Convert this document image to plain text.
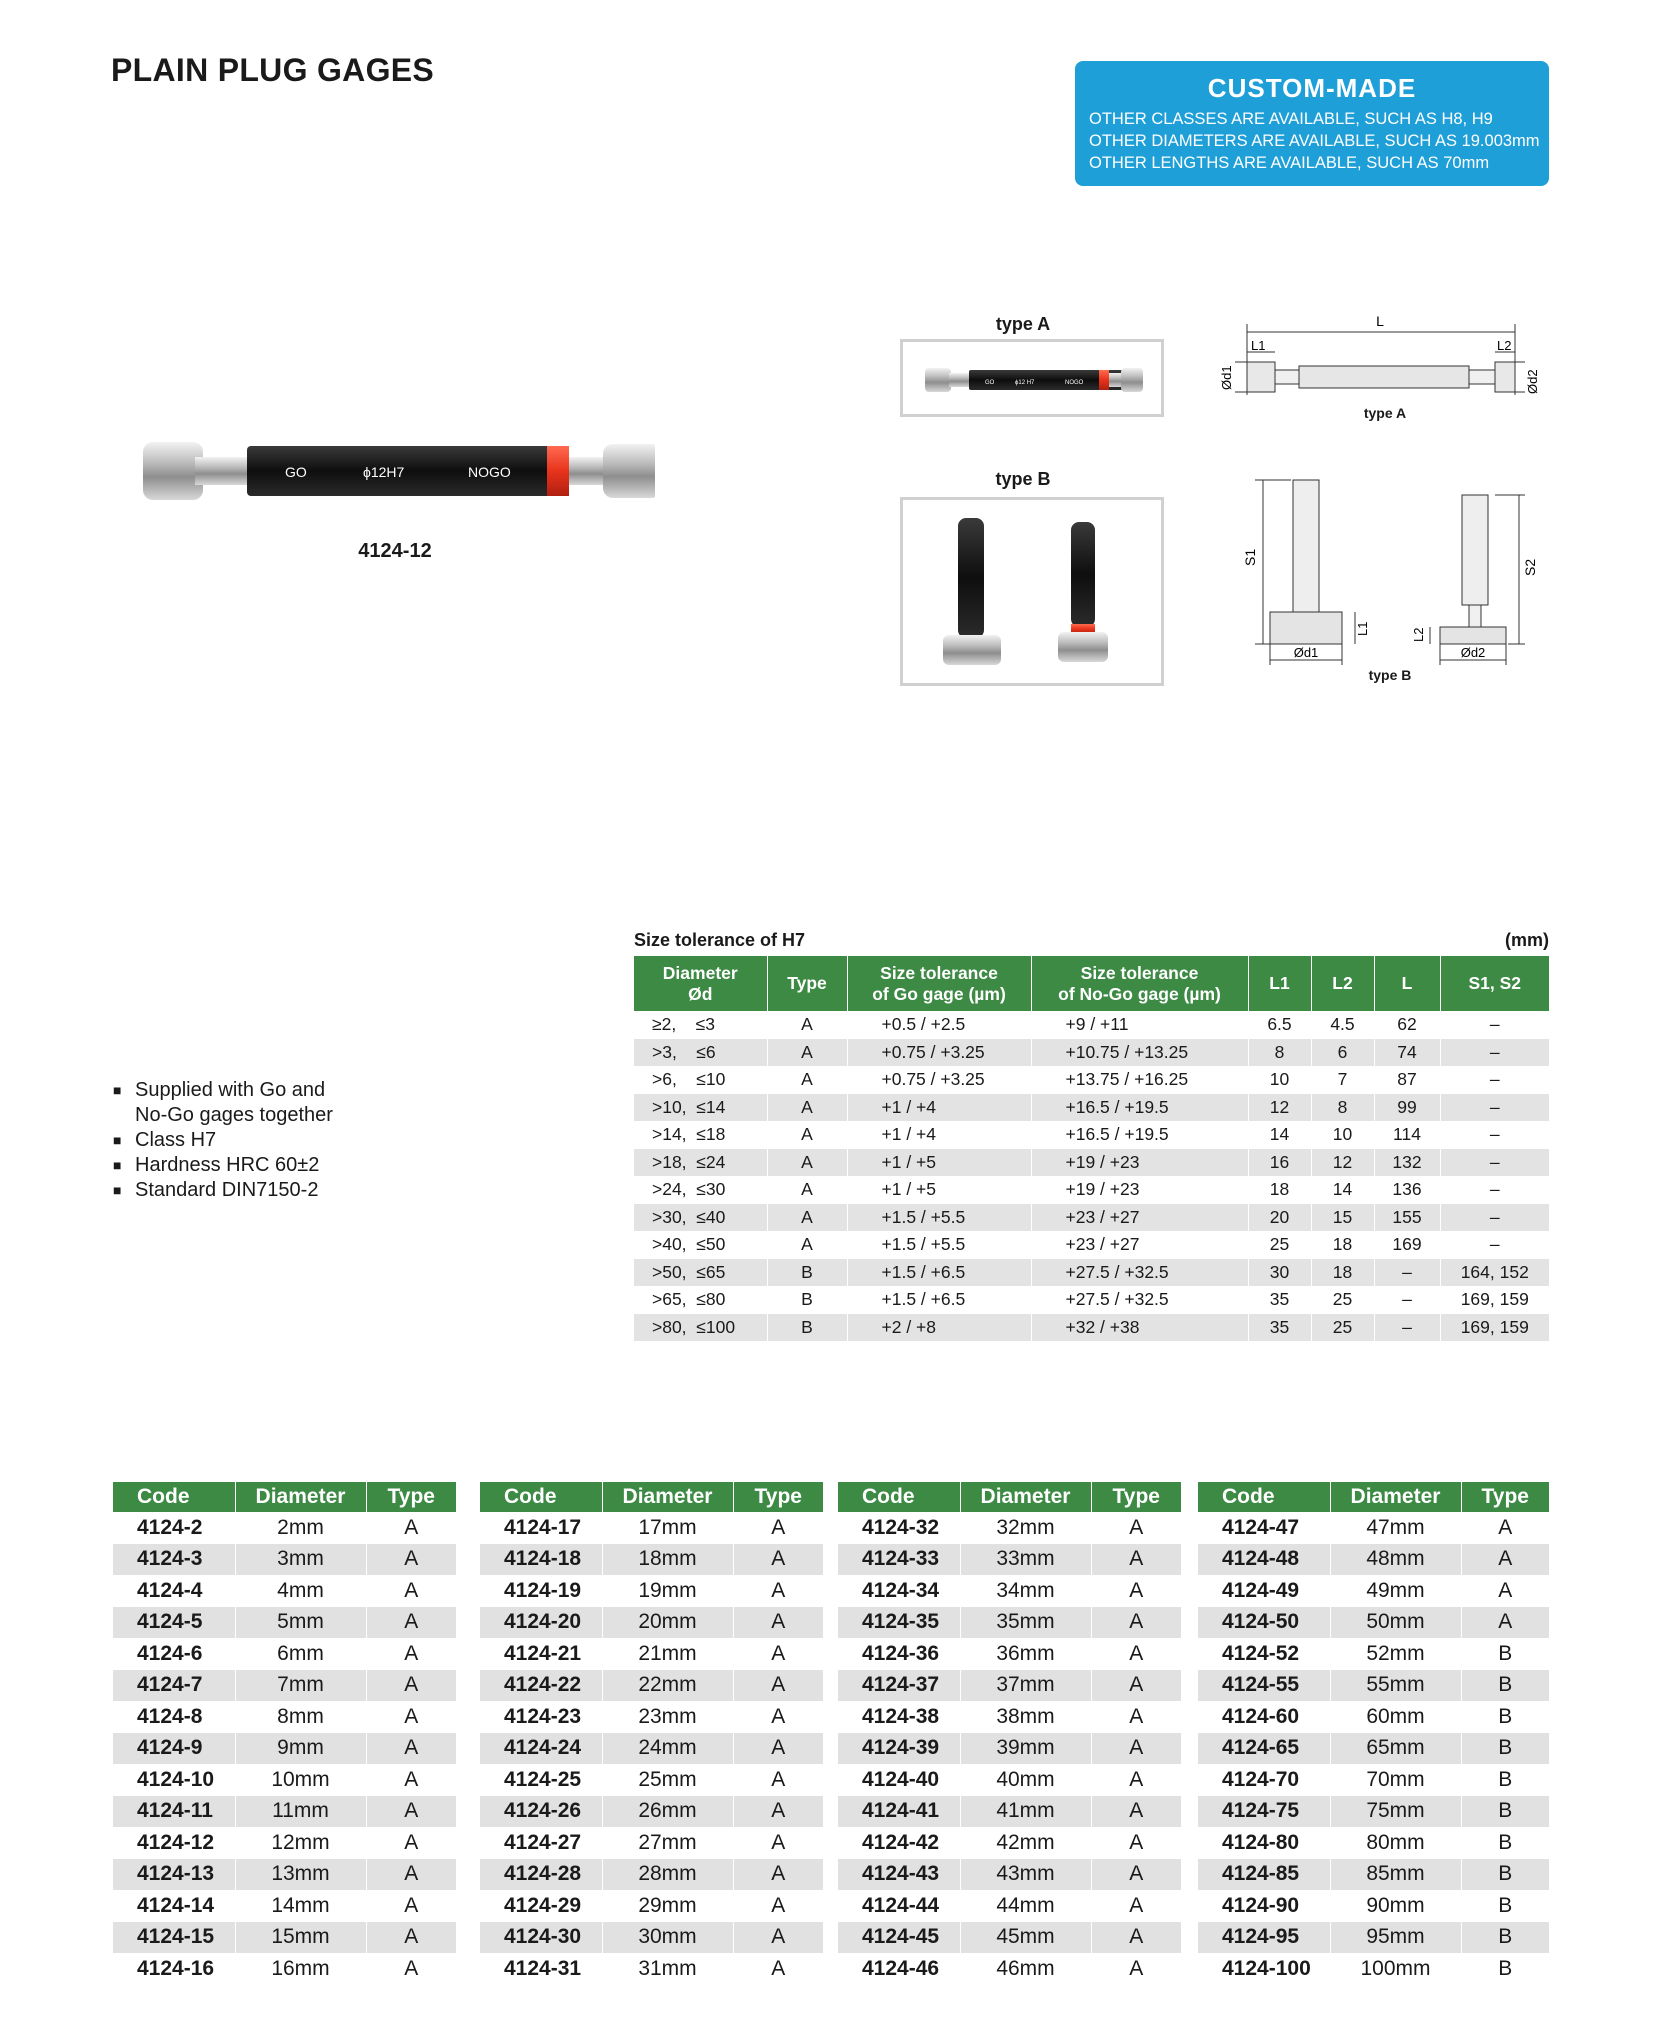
PLAIN PLUG GAGES	CUSTOM-MADE
OTHER CLASSES ARE AVAILABLE, SUCH AS H8, H9
OTHER DIAMETERS ARE AVAILABLE, SUCH AS 19.003mm
OTHER LENGTHS ARE AVAILABLE, SUCH AS 70mm
GO	ϕ12H7	NOGO
4124-12
type A
GO	ϕ12 H7	NOGO
type B
L
L1	L2
Ød1	Ød2
type A
S1
Ød1
L1
S2
Ød2
L2
type B
■ Supplied with Go and
No-Go gages together
■ Class H7
■ Hardness HRC 60±2
■ Standard DIN7150-2
Size tolerance of H7	(mm)
Diameter
Ød	Type	Size tolerance
of Go gage (µm)	Size tolerance
of No-Go gage (µm)	L1	L2	L	S1, S2
≥2,    ≤3	A	+0.5 / +2.5	+9 / +11	6.5	4.5	62	–
>3,    ≤6	A	+0.75 / +3.25	+10.75 / +13.25	8	6	74	–
>6,    ≤10	A	+0.75 / +3.25	+13.75 / +16.25	10	7	87	–
>10,  ≤14	A	+1 / +4	+16.5 / +19.5	12	8	99	–
>14,  ≤18	A	+1 / +4	+16.5 / +19.5	14	10	114	–
>18,  ≤24	A	+1 / +5	+19 / +23	16	12	132	–
>24,  ≤30	A	+1 / +5	+19 / +23	18	14	136	–
>30,  ≤40	A	+1.5 / +5.5	+23 / +27	20	15	155	–
>40,  ≤50	A	+1.5 / +5.5	+23 / +27	25	18	169	–
>50,  ≤65	B	+1.5 / +6.5	+27.5 / +32.5	30	18	–	164, 152
>65,  ≤80	B	+1.5 / +6.5	+27.5 / +32.5	35	25	–	169, 159
>80,  ≤100	B	+2 / +8	+32 / +38	35	25	–	169, 159
Code	Diameter	Type
4124-2	2mm	A
4124-3	3mm	A
4124-4	4mm	A
4124-5	5mm	A
4124-6	6mm	A
4124-7	7mm	A
4124-8	8mm	A
4124-9	9mm	A
4124-10	10mm	A
4124-11	11mm	A
4124-12	12mm	A
4124-13	13mm	A
4124-14	14mm	A
4124-15	15mm	A
4124-16	16mm	A
Code	Diameter	Type
4124-17	17mm	A
4124-18	18mm	A
4124-19	19mm	A
4124-20	20mm	A
4124-21	21mm	A
4124-22	22mm	A
4124-23	23mm	A
4124-24	24mm	A
4124-25	25mm	A
4124-26	26mm	A
4124-27	27mm	A
4124-28	28mm	A
4124-29	29mm	A
4124-30	30mm	A
4124-31	31mm	A
Code	Diameter	Type
4124-32	32mm	A
4124-33	33mm	A
4124-34	34mm	A
4124-35	35mm	A
4124-36	36mm	A
4124-37	37mm	A
4124-38	38mm	A
4124-39	39mm	A
4124-40	40mm	A
4124-41	41mm	A
4124-42	42mm	A
4124-43	43mm	A
4124-44	44mm	A
4124-45	45mm	A
4124-46	46mm	A
Code	Diameter	Type
4124-47	47mm	A
4124-48	48mm	A
4124-49	49mm	A
4124-50	50mm	A
4124-52	52mm	B
4124-55	55mm	B
4124-60	60mm	B
4124-65	65mm	B
4124-70	70mm	B
4124-75	75mm	B
4124-80	80mm	B
4124-85	85mm	B
4124-90	90mm	B
4124-95	95mm	B
4124-100	100mm	B
